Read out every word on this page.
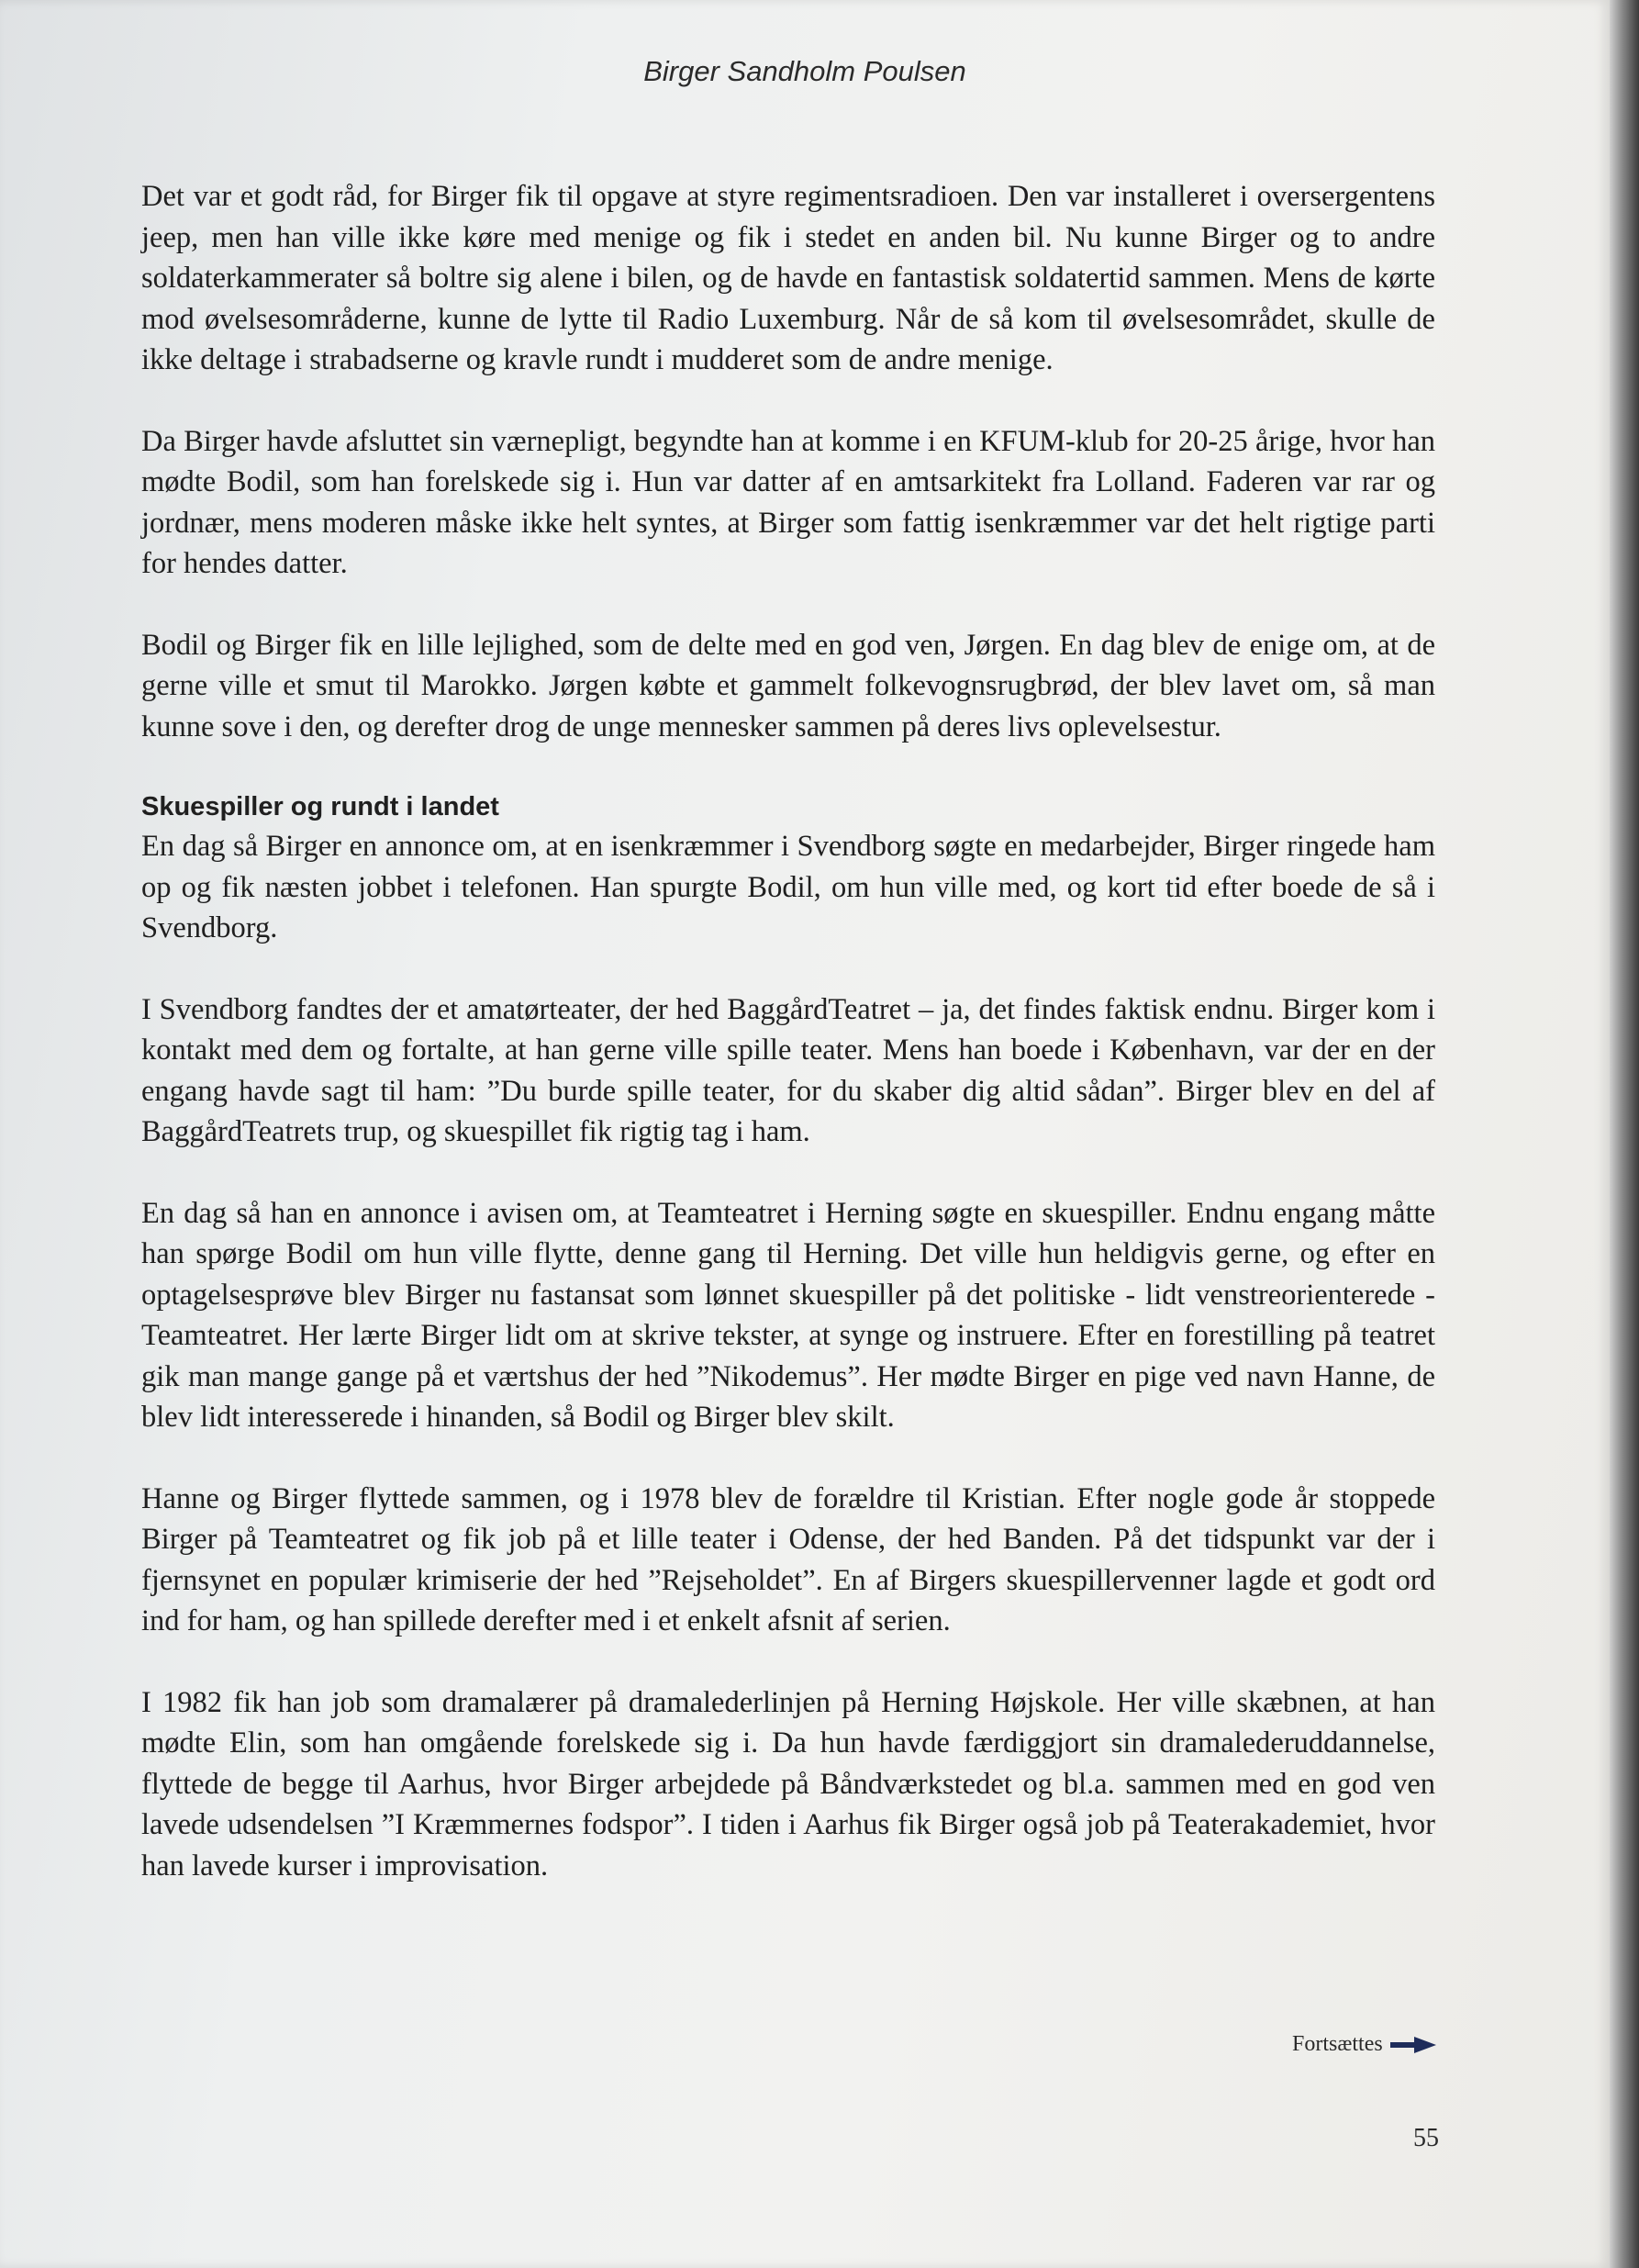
Birger Sandholm Poulsen

Det var et godt råd, for Birger fik til opgave at styre regimentsradioen. Den var installeret i oversergentens jeep, men han ville ikke køre med menige og fik i stedet en anden bil. Nu kunne Birger og to andre soldaterkammerater så boltre sig alene i bilen, og de havde en fantastisk soldatertid sammen. Mens de kørte mod øvelsesområderne, kunne de lytte til Radio Luxemburg. Når de så kom til øvelsesområdet, skulle de ikke deltage i strabadserne og kravle rundt i mudderet som de andre menige.

Da Birger havde afsluttet sin værnepligt, begyndte han at komme i en KFUM-klub for 20-25 årige, hvor han mødte Bodil, som han forelskede sig i. Hun var datter af en amtsarkitekt fra Lolland. Faderen var rar og jordnær, mens moderen måske ikke helt syntes, at Birger som fattig isenkræmmer var det helt rigtige parti for hendes datter.

Bodil og Birger fik en lille lejlighed, som de delte med en god ven, Jørgen. En dag blev de enige om, at de gerne ville et smut til Marokko. Jørgen købte et gammelt folkevognsrugbrød, der blev lavet om, så man kunne sove i den, og derefter drog de unge mennesker sammen på deres livs oplevelsestur.

Skuespiller og rundt i landet

En dag så Birger en annonce om, at en isenkræmmer i Svendborg søgte en medarbejder, Birger ringede ham op og fik næsten jobbet i telefonen. Han spurgte Bodil, om hun ville med, og kort tid efter boede de så i Svendborg.

I Svendborg fandtes der et amatørteater, der hed BaggårdTeatret – ja, det findes faktisk endnu. Birger kom i kontakt med dem og fortalte, at han gerne ville spille teater. Mens han boede i København, var der en der engang havde sagt til ham: ”Du burde spille teater, for du skaber dig altid sådan”. Birger blev en del af BaggårdTeatrets trup, og skuespillet fik rigtig tag i ham.

En dag så han en annonce i avisen om, at Teamteatret i Herning søgte en skuespiller. Endnu engang måtte han spørge Bodil om hun ville flytte, denne gang til Herning. Det ville hun heldigvis gerne, og efter en optagelsesprøve blev Birger nu fastansat som lønnet skuespiller på det politiske - lidt venstreorienterede - Teamteatret. Her lærte Birger lidt om at skrive tekster, at synge og instruere. Efter en forestilling på teatret gik man mange gange på et værtshus der hed ”Nikodemus”. Her mødte Birger en pige ved navn Hanne, de blev lidt interesserede i hinanden, så Bodil og Birger blev skilt.

Hanne og Birger flyttede sammen, og i 1978 blev de forældre til Kristian. Efter nogle gode år stoppede Birger på Teamteatret og fik job på et lille teater i Odense, der hed Banden. På det tidspunkt var der i fjernsynet en populær krimiserie der hed ”Rejseholdet”. En af Birgers skuespillervenner lagde et godt ord ind for ham, og han spillede derefter med i et enkelt afsnit af serien.

I 1982 fik han job som dramalærer på dramalederlinjen på Herning Højskole. Her ville skæbnen, at han mødte Elin, som han omgående forelskede sig i. Da hun havde færdiggjort sin dramalederuddannelse, flyttede de begge til Aarhus, hvor Birger arbejdede på Båndværkstedet og bl.a. sammen med en god ven lavede udsendelsen ”I Kræmmernes fodspor”. I tiden i Aarhus fik Birger også job på Teaterakademiet, hvor han lavede kurser i improvisation.

Fortsættes
55
